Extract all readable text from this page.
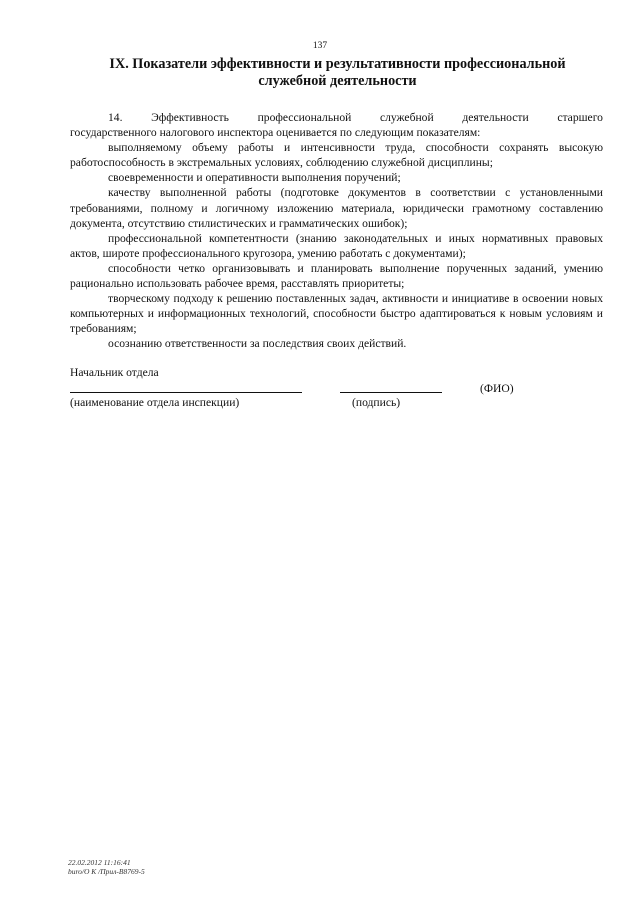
137
IX. Показатели эффективности и результативности профессиональной
служебной деятельности
14. Эффективность профессиональной служебной деятельности старшего

государственного налогового инспектора оценивается по следующим показателям:

выполняемому объему работы и интенсивности труда, способности сохранять высокую работоспособность в экстремальных условиях, соблюдению служебной дисциплины;

своевременности и оперативности выполнения поручений;

качеству выполненной работы (подготовке документов в соответствии с установленными требованиями, полному и логичному изложению материала, юридически грамотному составлению документа, отсутствию стилистических и грамматических ошибок);

профессиональной компетентности (знанию законодательных и иных нормативных правовых актов, широте профессионального кругозора, умению работать с документами);

способности четко организовывать и планировать выполнение порученных заданий, умению рационально использовать рабочее время, расставлять приоритеты;

творческому подходу к решению поставленных задач, активности и инициативе в освоении новых компьютерных и информационных технологий, способности быстро адаптироваться к новым условиям и требованиям;

осознанию ответственности за последствия своих действий.

Начальник отдела
(ФИО)
(наименование отдела инспекции)	(подпись)
22.02.2012 11:16:41
buro/O K /Прил-B8769-5
